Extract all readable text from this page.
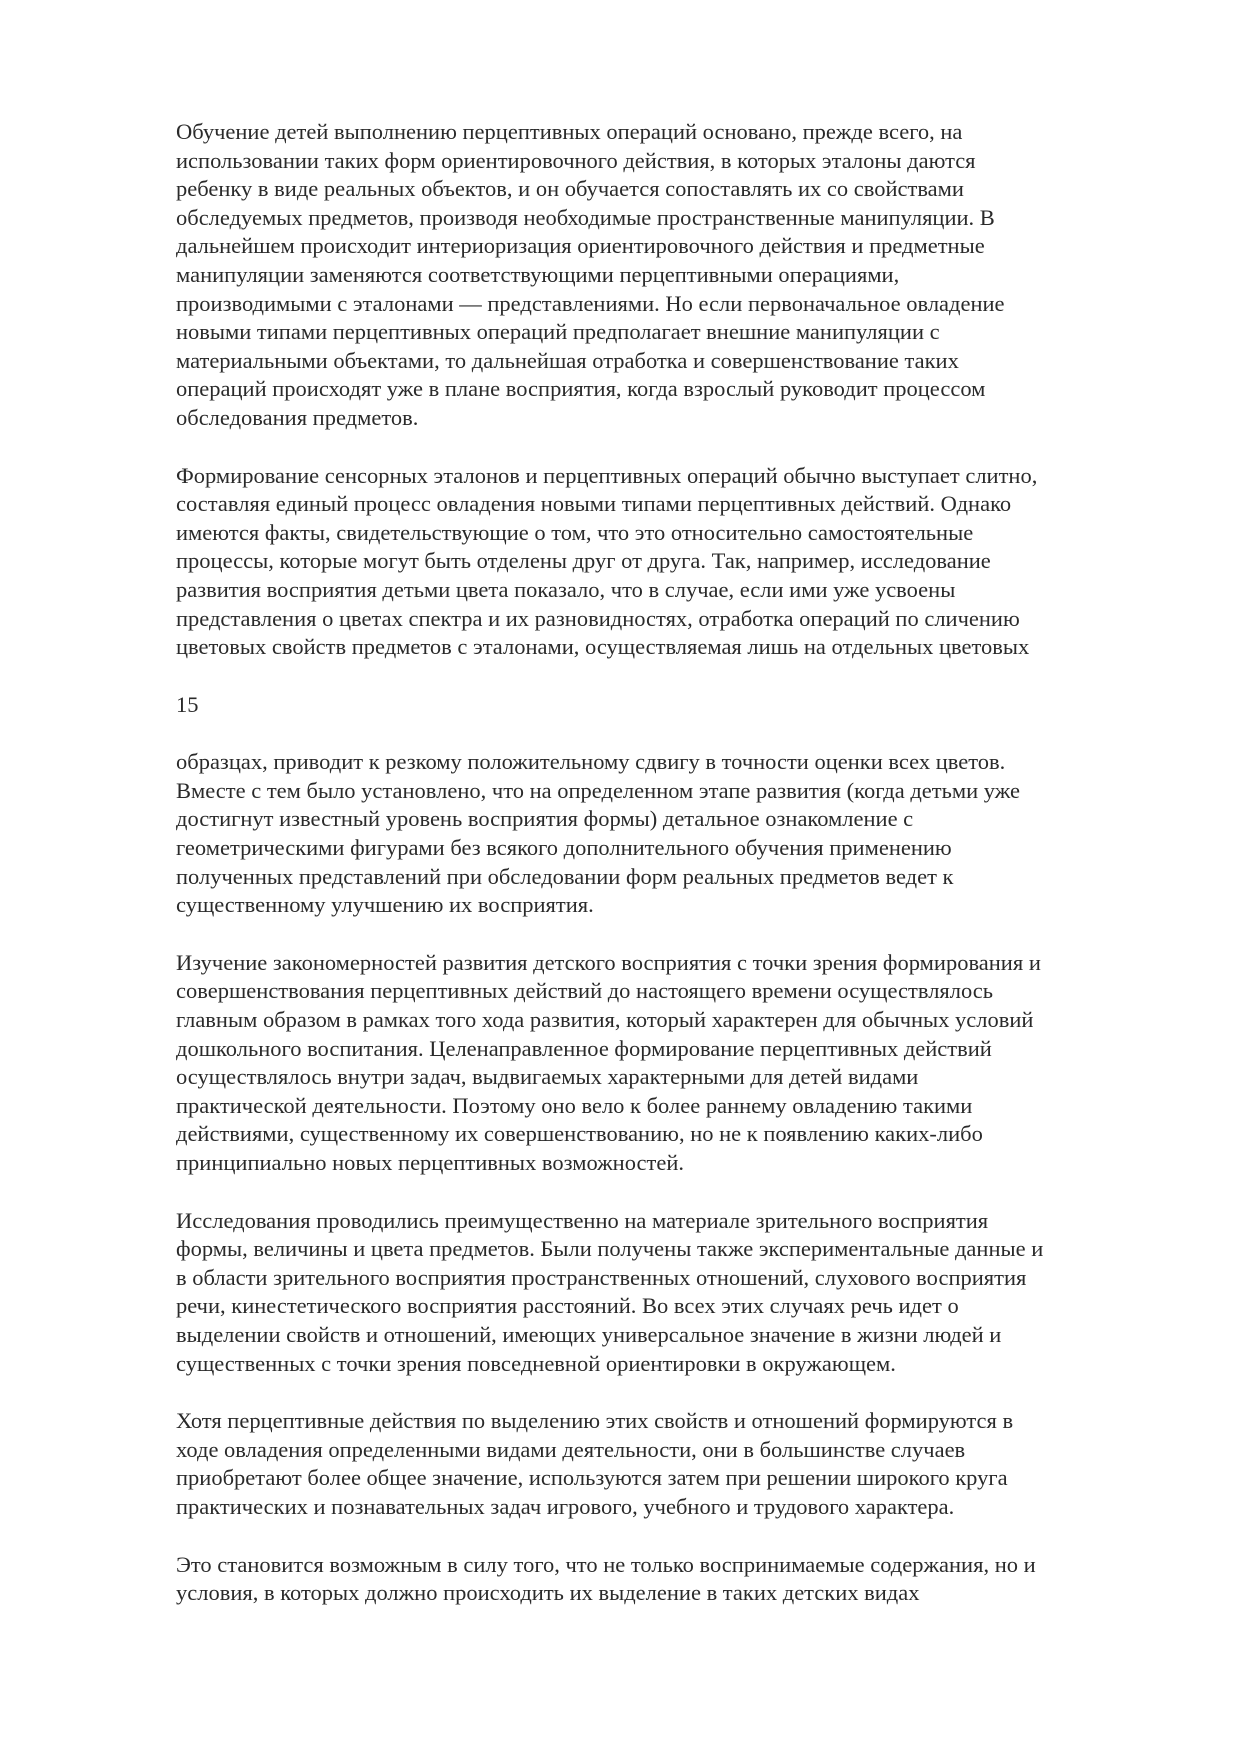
Обучение детей выполнению перцептивных операций основано, прежде всего, на
использовании таких форм ориентировочного действия, в которых эталоны даются
ребенку в виде реальных объектов, и он обучается сопоставлять их со свойствами
обследуемых предметов, производя необходимые пространственные манипуляции. В
дальнейшем происходит интериоризация ориентировочного действия и предметные
манипуляции заменяются соответствующими перцептивными операциями,
производимыми с эталонами — представлениями. Но если первоначальное овладение
новыми типами перцептивных операций предполагает внешние манипуляции с
материальными объектами, то дальнейшая отработка и совершенствование таких
операций происходят уже в плане восприятия, когда взрослый руководит процессом
обследования предметов.

Формирование сенсорных эталонов и перцептивных операций обычно выступает слитно,
составляя единый процесс овладения новыми типами перцептивных действий. Однако
имеются факты, свидетельствующие о том, что это относительно самостоятельные
процессы, которые могут быть отделены друг от друга. Так, например, исследование
развития восприятия детьми цвета показало, что в случае, если ими уже усвоены
представления о цветах спектра и их разновидностях, отработка операций по сличению
цветовых свойств предметов с эталонами, осуществляемая лишь на отдельных цветовых

15

образцах, приводит к резкому положительному сдвигу в точности оценки всех цветов.
Вместе с тем было установлено, что на определенном этапе развития (когда детьми уже
достигнут известный уровень восприятия формы) детальное ознакомление с
геометрическими фигурами без всякого дополнительного обучения применению
полученных представлений при обследовании форм реальных предметов ведет к
существенному улучшению их восприятия.

Изучение закономерностей развития детского восприятия с точки зрения формирования и
совершенствования перцептивных действий до настоящего времени осуществлялось
главным образом в рамках того хода развития, который характерен для обычных условий
дошкольного воспитания. Целенаправленное формирование перцептивных действий
осуществлялось внутри задач, выдвигаемых характерными для детей видами
практической деятельности. Поэтому оно вело к более раннему овладению такими
действиями, существенному их совершенствованию, но не к появлению каких-либо
принципиально новых перцептивных возможностей.

Исследования проводились преимущественно на материале зрительного восприятия
формы, величины и цвета предметов. Были получены также экспериментальные данные и
в области зрительного восприятия пространственных отношений, слухового восприятия
речи, кинестетического восприятия расстояний. Во всех этих случаях речь идет о
выделении свойств и отношений, имеющих универсальное значение в жизни людей и
существенных с точки зрения повседневной ориентировки в окружающем.

Хотя перцептивные действия по выделению этих свойств и отношений формируются в
ходе овладения определенными видами деятельности, они в большинстве случаев
приобретают более общее значение, используются затем при решении широкого круга
практических и познавательных задач игрового, учебного и трудового характера.

Это становится возможным в силу того, что не только воспринимаемые содержания, но и
условия, в которых должно происходить их выделение в таких детских видах
